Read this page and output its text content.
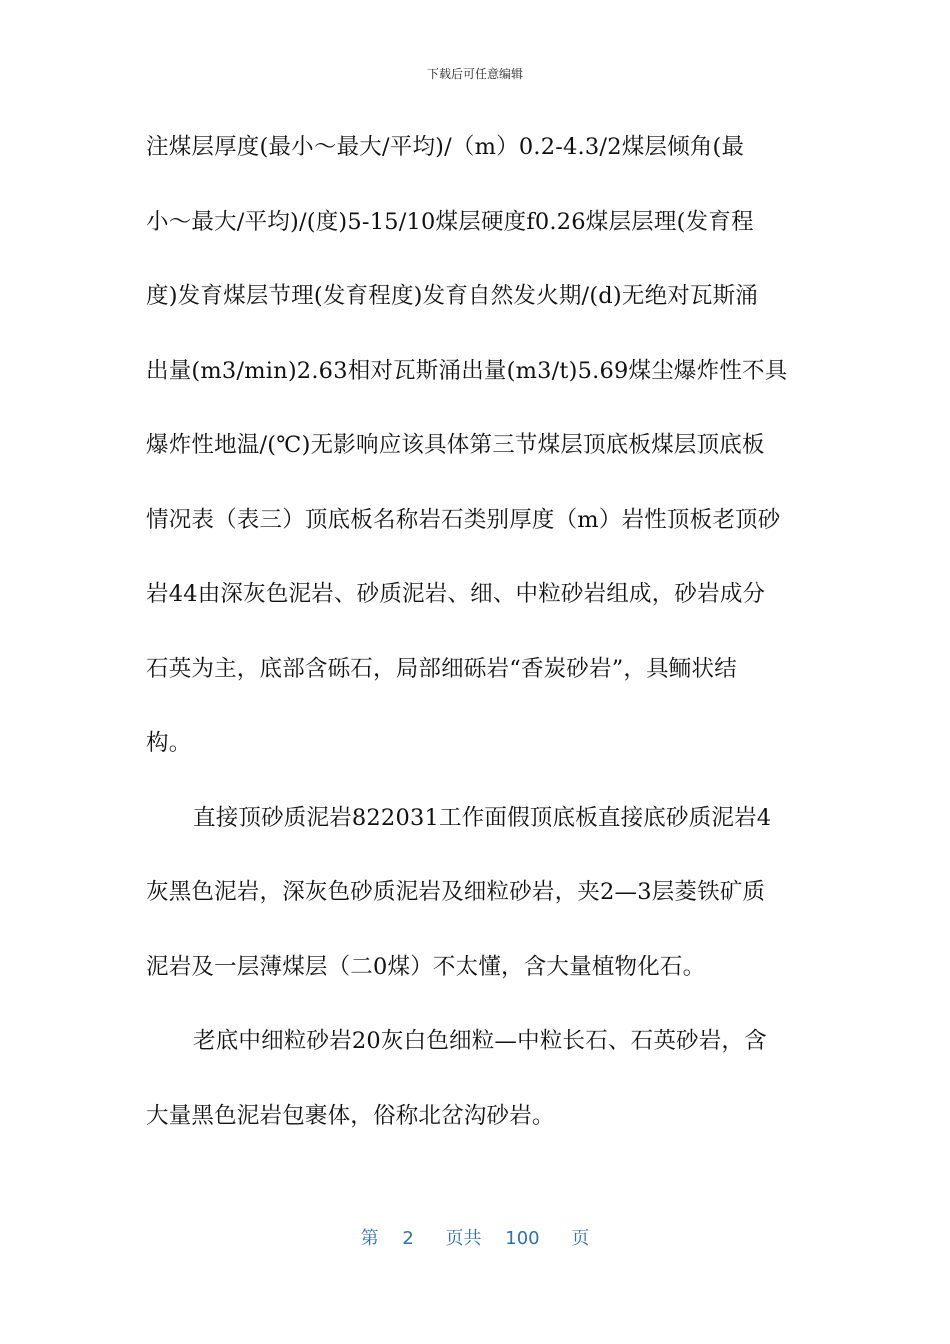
下载后可任意编辑
注煤层厚度(最小～最大/平均)/（m）0.2-4.3/2煤层倾角(最
小～最大/平均)/(度)5-15/10煤层硬度f0.26煤层层理(发育程
度)发育煤层节理(发育程度)发育自然发火期/(d)无绝对瓦斯涌
出量(m3/min)2.63相对瓦斯涌出量(m3/t)5.69煤尘爆炸性不具
爆炸性地温/(℃)无影响应该具体第三节煤层顶底板煤层顶底板
情况表（表三）顶底板名称岩石类别厚度（m）岩性顶板老顶砂
岩44由深灰色泥岩、砂质泥岩、细、中粒砂岩组成，砂岩成分
石英为主，底部含砾石，局部细砾岩“香炭砂岩”，具鲕状结
构。
直接顶砂质泥岩822031工作面假顶底板直接底砂质泥岩4
灰黑色泥岩，深灰色砂质泥岩及细粒砂岩，夹2—3层菱铁矿质
泥岩及一层薄煤层（二0煤）不太懂，含大量植物化石。
老底中细粒砂岩20灰白色细粒—中粒长石、石英砂岩，含
大量黑色泥岩包裹体，俗称北岔沟砂岩。
第 2 页共 100 页
